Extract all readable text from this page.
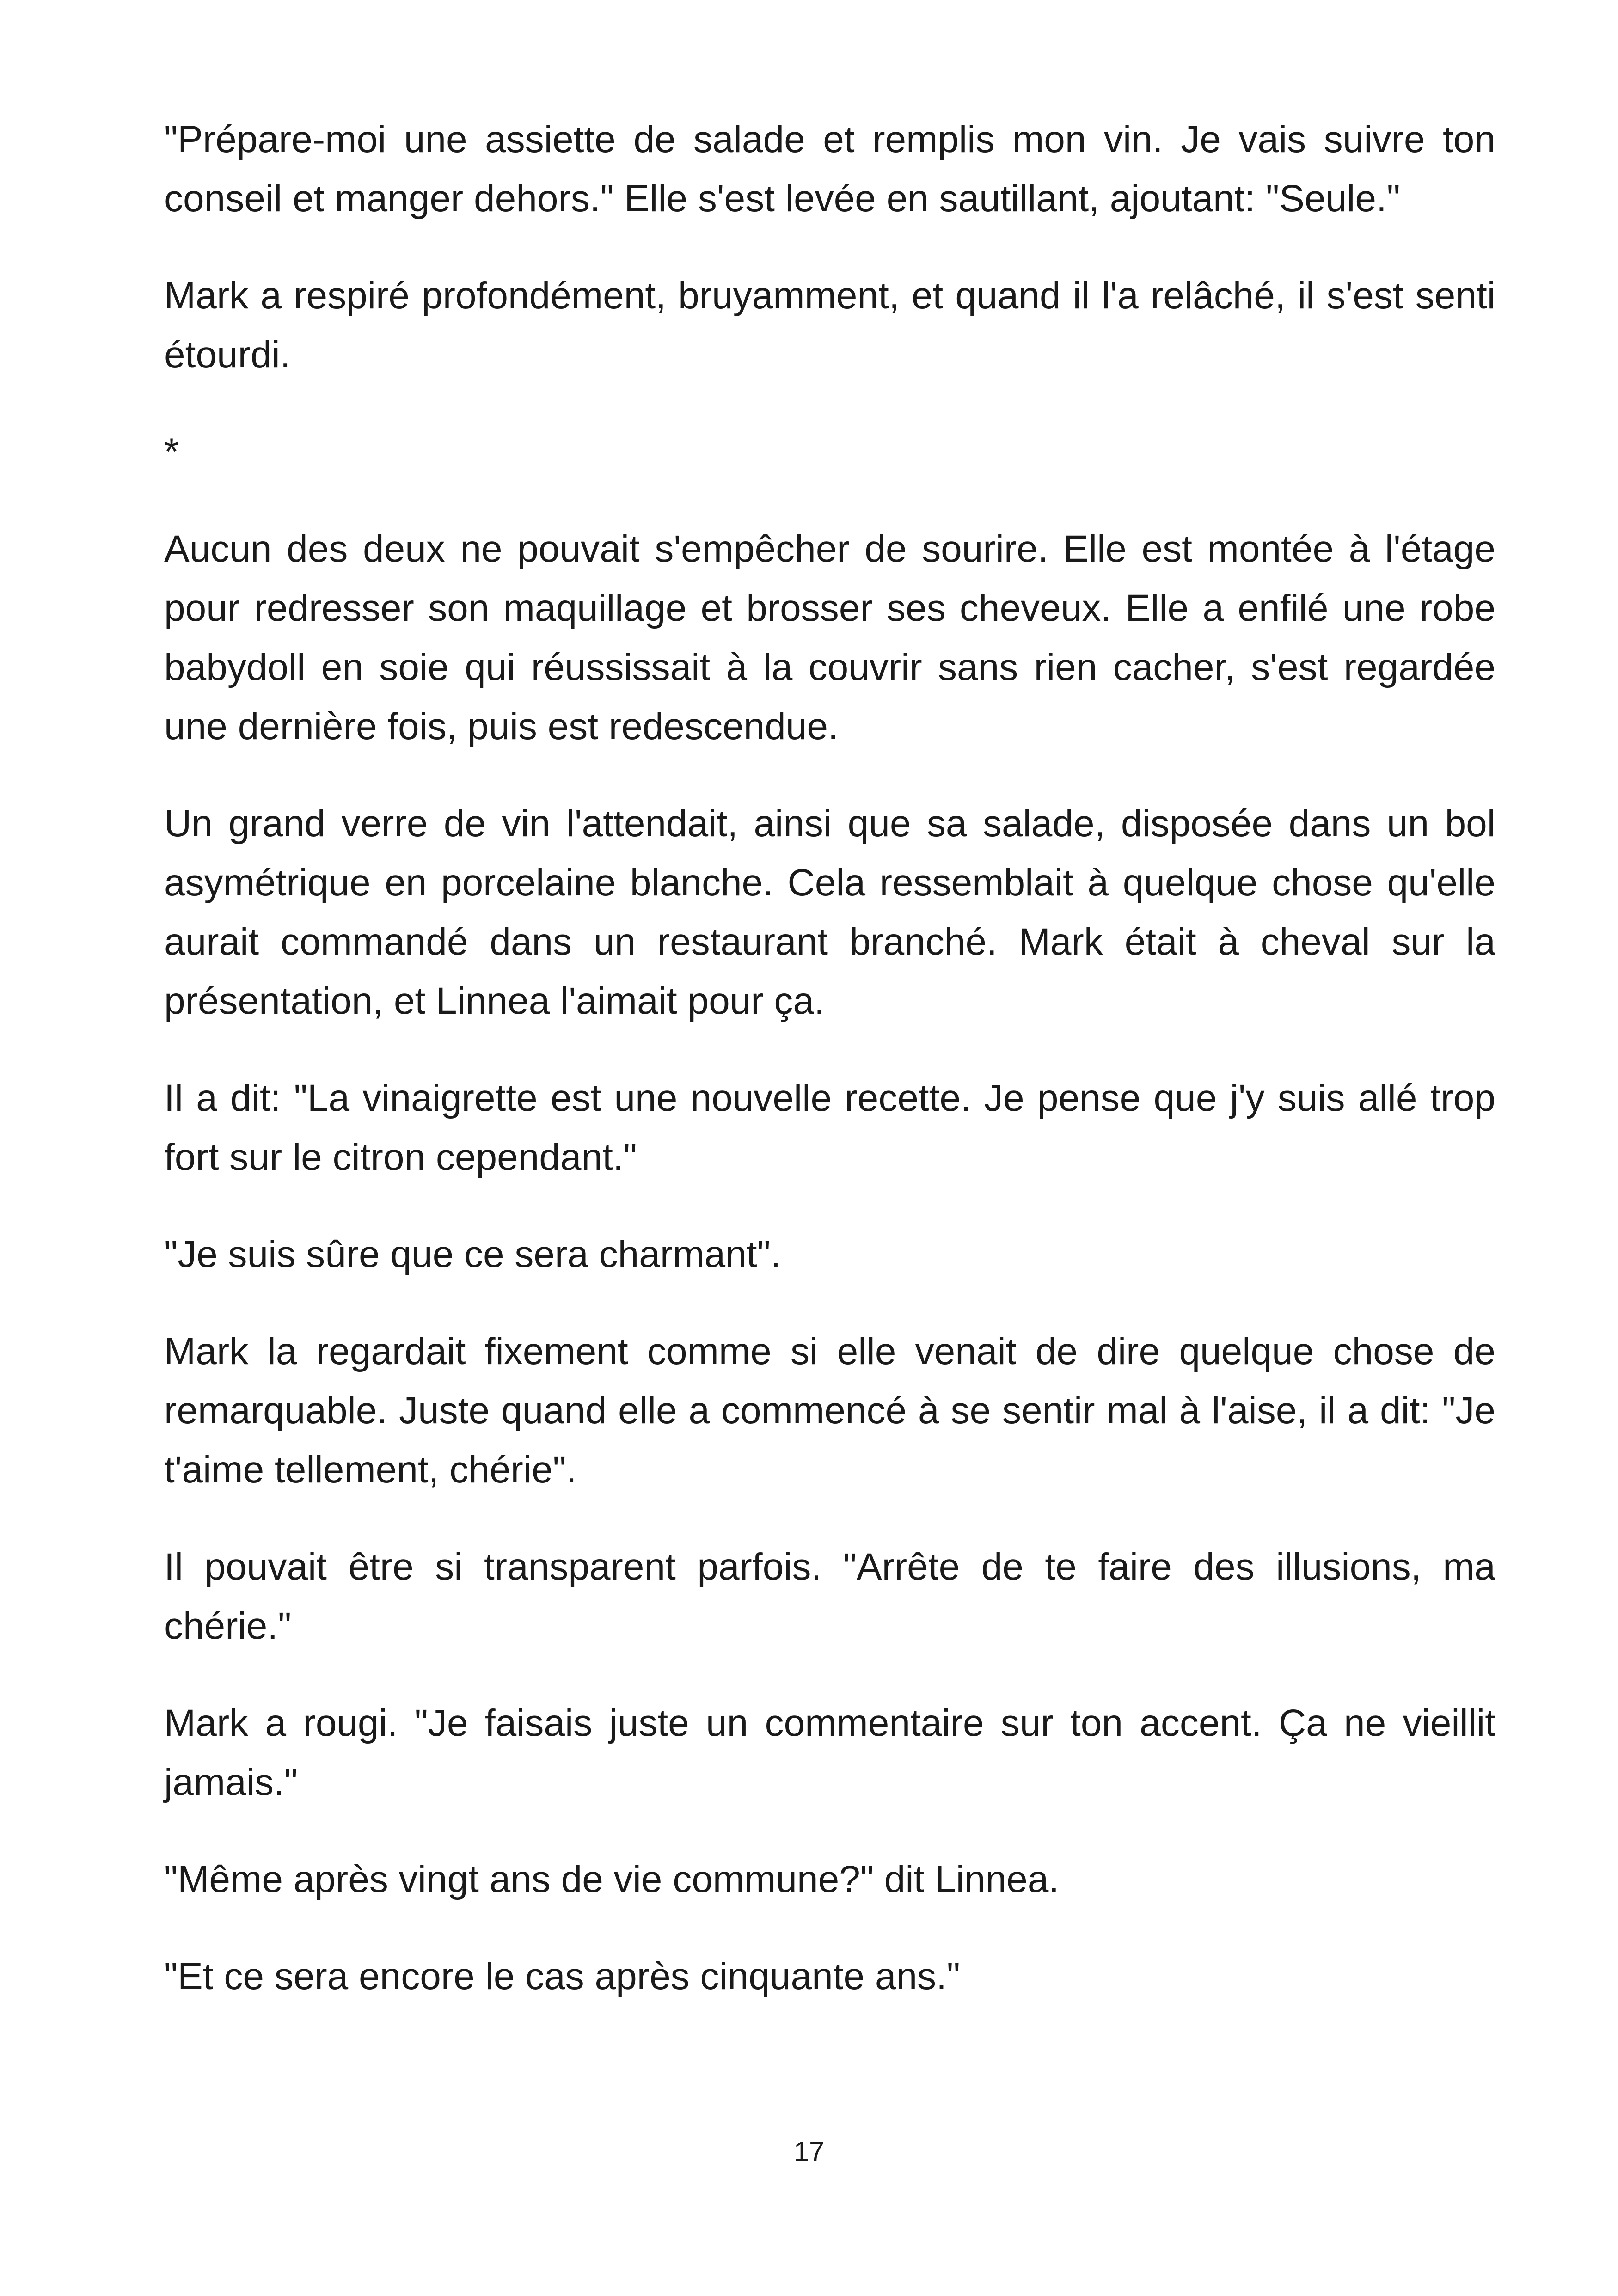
"Prépare-moi une assiette de salade et remplis mon vin. Je vais suivre ton conseil et manger dehors." Elle s'est levée en sautillant, ajoutant: "Seule."

Mark a respiré profondément, bruyamment, et quand il l'a relâché, il s'est senti étourdi.

*

Aucun des deux ne pouvait s'empêcher de sourire. Elle est montée à l'étage pour redresser son maquillage et brosser ses cheveux. Elle a enfilé une robe babydoll en soie qui réussissait à la couvrir sans rien cacher, s'est regardée une dernière fois, puis est redescendue.

Un grand verre de vin l'attendait, ainsi que sa salade, disposée dans un bol asymétrique en porcelaine blanche. Cela ressemblait à quelque chose qu'elle aurait commandé dans un restaurant branché. Mark était à cheval sur la présentation, et Linnea l'aimait pour ça.

Il a dit: "La vinaigrette est une nouvelle recette. Je pense que j'y suis allé trop fort sur le citron cependant."

"Je suis sûre que ce sera charmant".

Mark la regardait fixement comme si elle venait de dire quelque chose de remarquable. Juste quand elle a commencé à se sentir mal à l'aise, il a dit: "Je t'aime tellement, chérie".

Il pouvait être si transparent parfois. "Arrête de te faire des illusions, ma chérie."

Mark a rougi. "Je faisais juste un commentaire sur ton accent. Ça ne vieillit jamais."

"Même après vingt ans de vie commune?" dit Linnea.

"Et ce sera encore le cas après cinquante ans."

17
